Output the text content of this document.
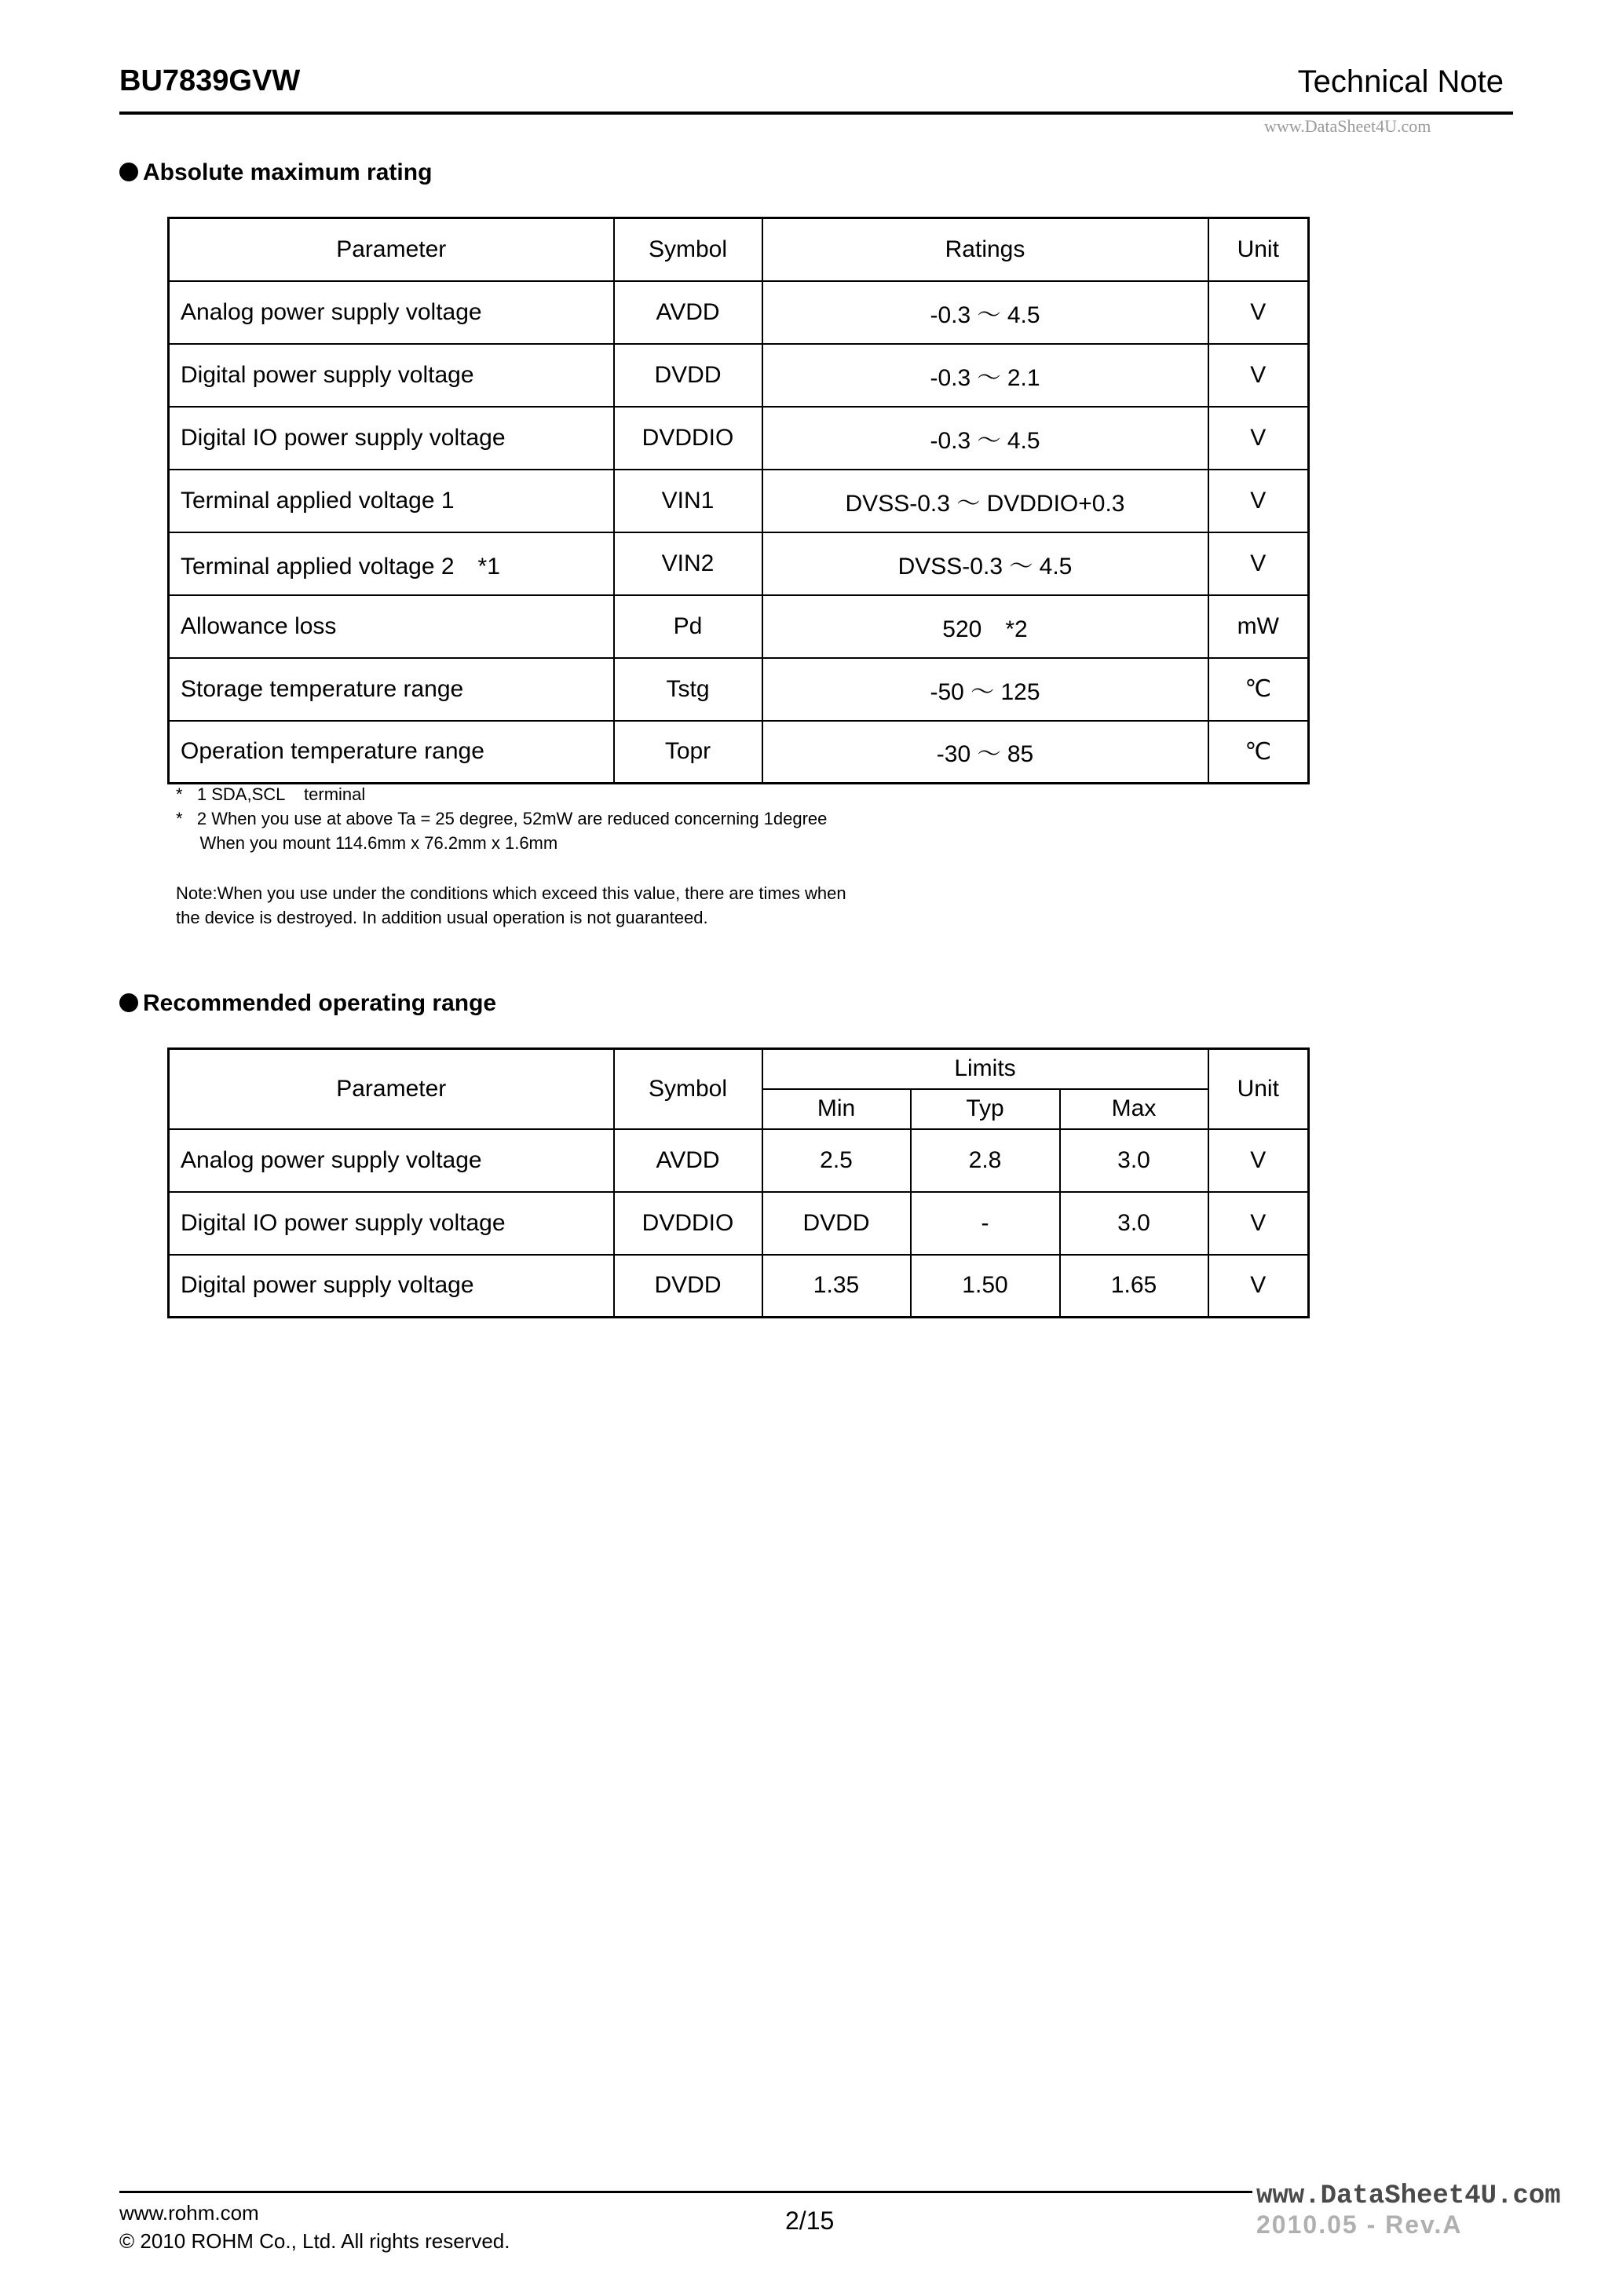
BU7839GVW	Technical Note
www.DataSheet4U.com
Absolute maximum rating
Parameter	Symbol	Ratings	Unit
Analog power supply voltage	AVDD	-0.3 ～ 4.5	V
Digital power supply voltage	DVDD	-0.3 ～ 2.1	V
Digital IO power supply voltage	DVDDIO	-0.3 ～ 4.5	V
Terminal applied voltage 1	VIN1	DVSS-0.3 ～ DVDDIO+0.3	V
Terminal applied voltage 2　*1	VIN2	DVSS-0.3 ～ 4.5	V
Allowance loss	Pd	520　*2	mW
Storage temperature range	Tstg	-50 ～ 125	℃
Operation temperature range	Topr	-30 ～ 85	℃
*   1 SDA,SCL    terminal
*   2 When you use at above Ta = 25 degree, 52mW are reduced concerning 1degree
When you mount 114.6mm x 76.2mm x 1.6mm
Note:When you use under the conditions which exceed this value, there are times when
the device is destroyed. In addition usual operation is not guaranteed.
Recommended operating range
Parameter	Symbol	Limits			Unit
		Min	Typ	Max	
Analog power supply voltage	AVDD	2.5	2.8	3.0	V
Digital IO power supply voltage	DVDDIO	DVDD	-	3.0	V
Digital power supply voltage	DVDD	1.35	1.50	1.65	V
www.rohm.com
© 2010 ROHM Co., Ltd. All rights reserved.
2/15	2010.05 - Rev.A
www.DataSheet4U.com
